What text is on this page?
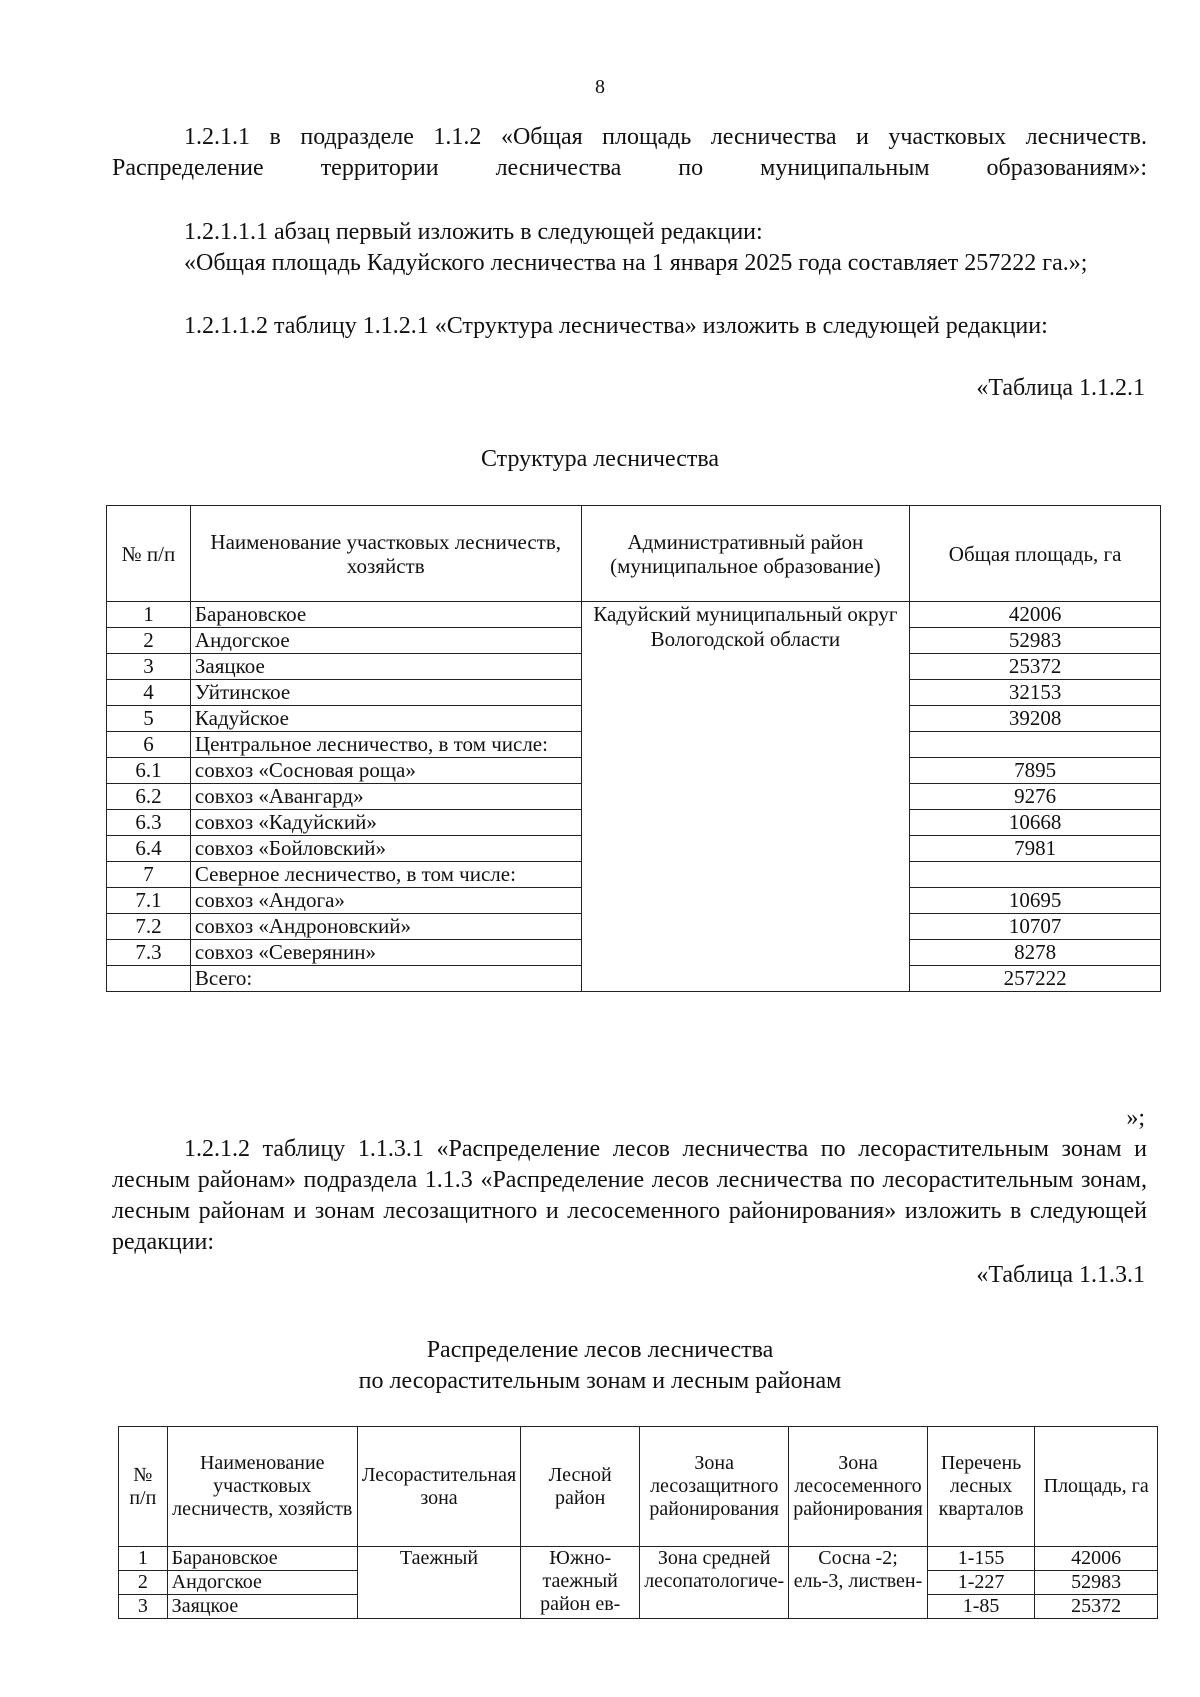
8
1.2.1.1 в подразделе 1.1.2 «Общая площадь лесничества и участковых лесничеств. Распределение территории лесничества по муниципальным образованиям»:
1.2.1.1.1 абзац первый изложить в следующей редакции:
«Общая площадь Кадуйского лесничества на 1 января 2025 года составляет 257222 га.»;
1.2.1.1.2 таблицу 1.1.2.1 «Структура лесничества» изложить в следующей редакции:
«Таблица 1.1.2.1
Структура лесничества
№ п/п	Наименование участковых лесничеств, хозяйств	Административный район (муниципальное образование)	Общая площадь, га
1	Барановское	Кадуйский муниципальный округ Вологодской области	42006
2	Андогское		52983
3	Заяцкое		25372
4	Уйтинское		32153
5	Кадуйское		39208
6	Центральное лесничество, в том числе:		
6.1	совхоз «Сосновая роща»		7895
6.2	совхоз «Авангард»		9276
6.3	совхоз «Кадуйский»		10668
6.4	совхоз «Бойловский»		7981
7	Северное лесничество, в том числе:		
7.1	совхоз «Андога»		10695
7.2	совхоз «Андроновский»		10707
7.3	совхоз «Северянин»		8278
	Всего:		257222
»;
1.2.1.2 таблицу 1.1.3.1 «Распределение лесов лесничества по лесорастительным зонам и лесным районам» подраздела 1.1.3 «Распределение лесов лесничества по лесорастительным зонам, лесным районам и зонам лесозащитного и лесосеменного районирования» изложить в следующей редакции:
«Таблица 1.1.3.1
Распределение лесов лесничества
по лесорастительным зонам и лесным районам
№ п/п	Наименование участковых лесничеств, хозяйств	Лесорастительная зона	Лесной район	Зона лесозащитного районирования	Зона лесосеменного районирования	Перечень лесных кварталов	Площадь, га
1	Барановское	Таежный	Южно-таежный район ев-	Зона средней лесопатологиче-	Сосна -2; ель-3, листвен-	1-155	42006
2	Андогское					1-227	52983
3	Заяцкое					1-85	25372
